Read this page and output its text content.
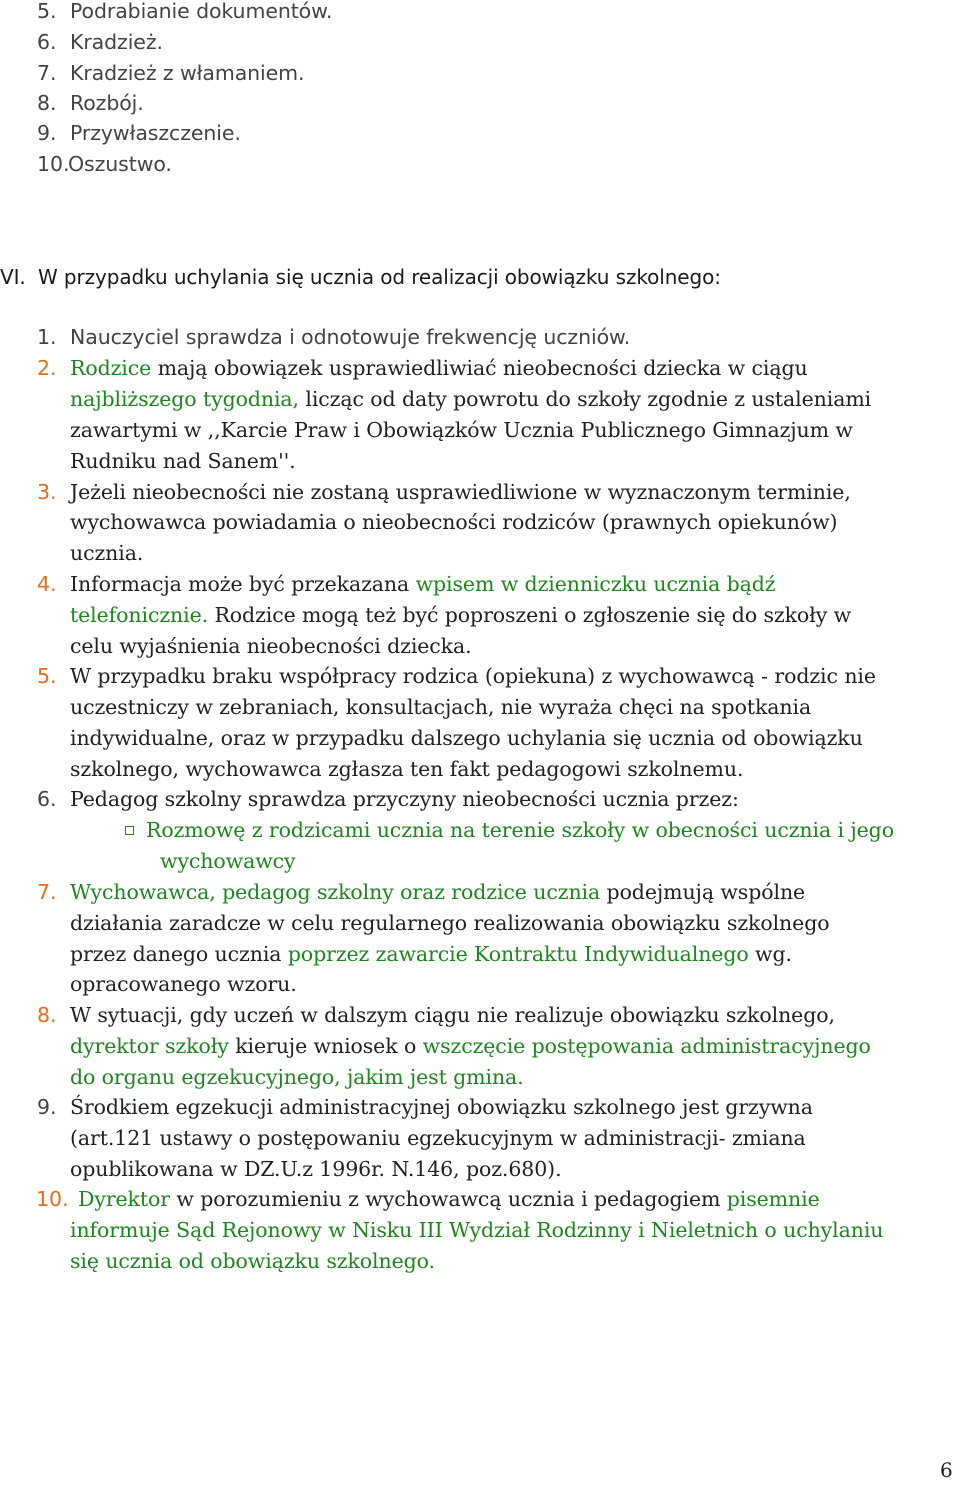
5. Podrabianie dokumentów.
6. Kradzież.
7. Kradzież z włamaniem.
8. Rozbój.
9. Przywłaszczenie.
10.
Oszustwo.
VI. W przypadku uchylania się ucznia od realizacji obowiązku szkolnego:
1. Nauczyciel sprawdza i odnotowuje frekwencję uczniów.
2. Rodzice mają obowiązek usprawiedliwiać nieobecności dziecka w ciągu
najbliższego tygodnia, licząc od daty powrotu do szkoły zgodnie z ustaleniami
zawartymi w ,,Karcie Praw i Obowiązków Ucznia Publicznego Gimnazjum w
Rudniku nad Sanem''.
3. Jeżeli nieobecności nie zostaną usprawiedliwione w wyznaczonym terminie,
wychowawca powiadamia o nieobecności rodziców (prawnych opiekunów)
ucznia.
4. Informacja może być przekazana wpisem w dzienniczku ucznia bądź
telefonicznie. Rodzice mogą też być poproszeni o zgłoszenie się do szkoły w
celu wyjaśnienia nieobecności dziecka.
5. W przypadku braku współpracy rodzica (opiekuna) z wychowawcą - rodzic nie
uczestniczy w zebraniach, konsultacjach, nie wyraża chęci na spotkania
indywidualne, oraz w przypadku dalszego uchylania się ucznia od obowiązku
szkolnego, wychowawca zgłasza ten fakt pedagogowi szkolnemu.
6. Pedagog szkolny sprawdza przyczyny nieobecności ucznia przez:
Rozmowę z rodzicami ucznia na terenie szkoły w obecności ucznia i jego
wychowawcy
7. Wychowawca, pedagog szkolny oraz rodzice ucznia podejmują wspólne
działania zaradcze w celu regularnego realizowania obowiązku szkolnego
przez danego ucznia poprzez zawarcie Kontraktu Indywidualnego wg.
opracowanego wzoru.
8. W sytuacji, gdy uczeń w dalszym ciągu nie realizuje obowiązku szkolnego,
dyrektor szkoły kieruje wniosek o wszczęcie postępowania administracyjnego
do organu egzekucyjnego, jakim jest gmina.
9. Środkiem egzekucji administracyjnej obowiązku szkolnego jest grzywna
(art.121 ustawy o postępowaniu egzekucyjnym w administracji- zmiana
opublikowana w DZ.U.z 1996r. N.146, poz.680).
10. Dyrektor w porozumieniu z wychowawcą ucznia i pedagogiem pisemnie
informuje Sąd Rejonowy w Nisku III Wydział Rodzinny i Nieletnich o uchylaniu
się ucznia od obowiązku szkolnego.
6
